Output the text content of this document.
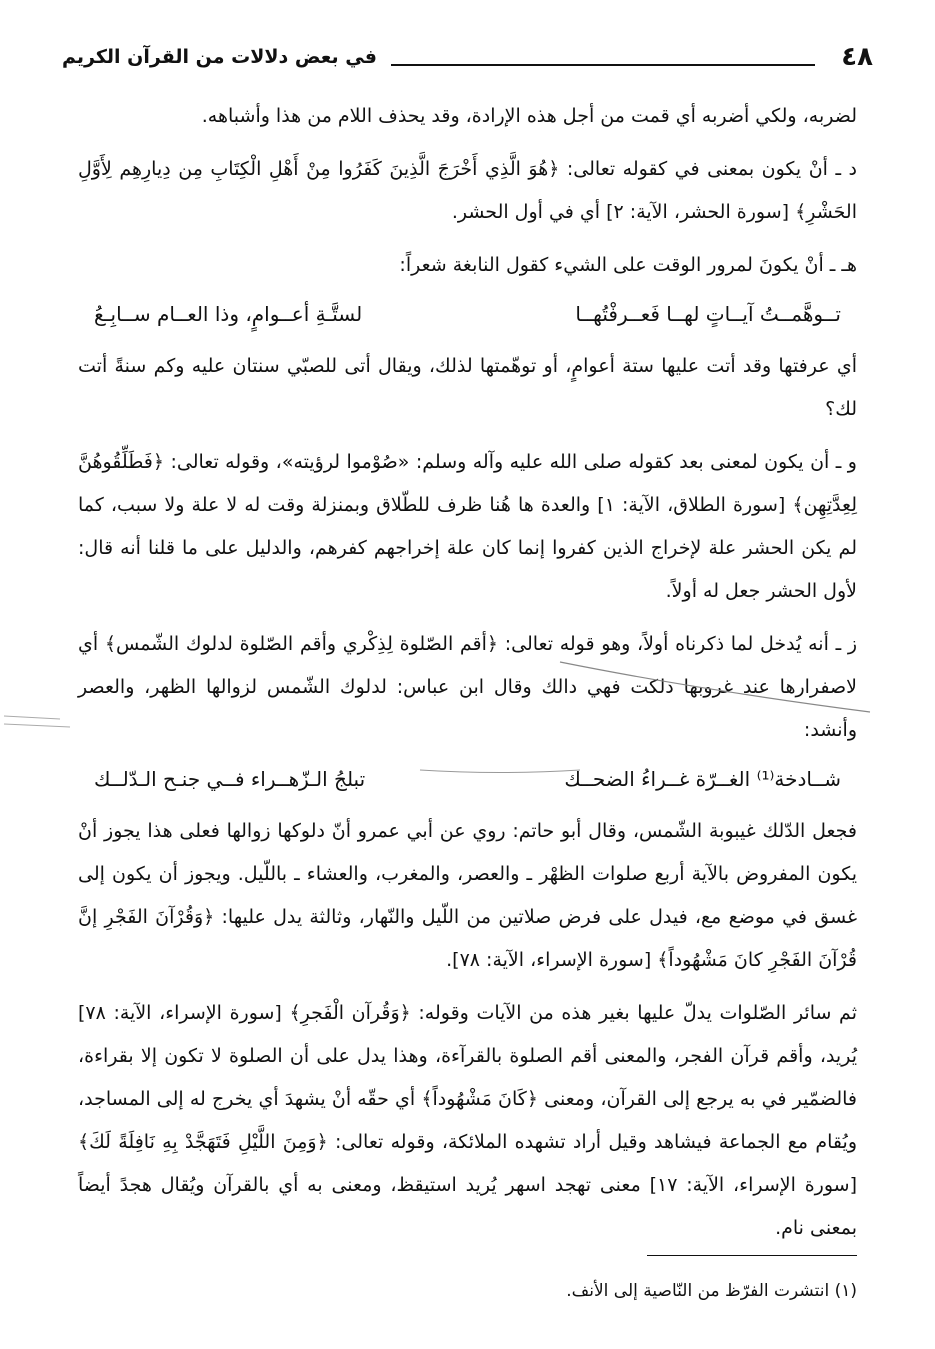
٤٨
في بعض دلالات من القرآن الكريم

لضربه، ولكي أضربه أي قمت من أجل هذه الإرادة، وقد يحذف اللام من هذا وأشباهه.

د ـ أنْ يكون بمعنى في كقوله تعالى: ﴿هُوَ الَّذِي أَخْرَجَ الَّذِينَ كَفَرُوا مِنْ أَهْلِ الْكِتَابِ مِن دِيارِهِم لِأَوَّلِ الحَشْرِ﴾ [سورة الحشر، الآية: ٢] أي في أول الحشر.

هـ ـ أنْ يكونَ لمرور الوقت على الشيء كقول النابغة شعراً:

تــوهَّمــتُ آيــاتٍ لهــا فَعــرفْتُهــا
لستَّـةِ أعــوامٍ، وذا العــام ســابِـعُ

أي عرفتها وقد أتت عليها ستة أعوامٍ، أو توهّمتها لذلك، ويقال أتى للصبّي سنتان عليه وكم سنةً أتت لك؟

و ـ أن يكون لمعنى بعد كقوله صلى الله عليه وآله وسلم: «صُوْموا لرؤيته»، وقوله تعالى: ﴿فَطَلِّقُوهُنَّ لِعِدَّتِهِن﴾ [سورة الطلاق، الآية: ١] والعدة ها هُنا ظرف للطّلاق وبمنزلة وقت له لا علة ولا سبب، كما لم يكن الحشر علة لإخراج الذين كفروا إنما كان علة إخراجهم كفرهم، والدليل على ما قلنا أنه قال: لأول الحشر جعل له أولاً.

ز ـ أنه يُدخل لما ذكرناه أولاً، وهو قوله تعالى: ﴿أقم الصّلوة لِذِكْري وأقم الصّلوة لدلوك الشّمس﴾ أي لاصفرارها عند غروبها دلكت فهي دالك وقال ابن عباس: لدلوك الشّمس لزوالها الظهر، والعصر وأنشد:

شــادخة⁽¹⁾ الغــرّة غــراءُ الضحــك
تبلجُ الـزّهــراء فــي جنـح الـدّلــك

فجعل الدّلك غيبوبة الشّمس، وقال أبو حاتم: روي عن أبي عمرو أنّ دلوكها زوالها فعلى هذا يجوز أنْ يكون المفروض بالآية أربع صلوات الظهْر ـ والعصر، والمغرب، والعشاء ـ باللّيل. ويجوز أن يكون إلى غسق في موضع مع، فيدل على فرض صلاتين من اللّيل والنّهار، وثالثة يدل عليها: ﴿وَقُرْآنَ الفَجْرِ إنَّ قُرْآنَ الفَجْرِ كانَ مَشْهُوداً﴾ [سورة الإسراء، الآية: ٧٨].

ثم سائر الصّلوات يدلّ عليها بغير هذه من الآيات وقوله: ﴿وَقُرآن الْفَجرِ﴾ [سورة الإسراء، الآية: ٧٨] يُريد، وأقم قرآن الفجر، والمعنى أقم الصلوة بالقرآءة، وهذا يدل على أن الصلوة لا تكون إلا بقراءة، فالضمّير في به يرجع إلى القرآن، ومعنى ﴿كَانَ مَشْهُوداً﴾ أي حقّه أنْ يشهدَ أي يخرج له إلى المساجد، ويُقام مع الجماعة فيشاهد وقيل أراد تشهده الملائكة، وقوله تعالى: ﴿وَمِنَ اللَّيْلِ فَتَهَجَّدْ بِهِ نَافِلَةً لَكَ﴾ [سورة الإسراء، الآية: ١٧] معنى تهجد اسهر يُريد استيقظ، ومعنى به أي بالقرآن ويُقال هجدً أيضاً بمعنى نام.

(١) انتشرت الفرّظ من النّاصية إلى الأنف.
